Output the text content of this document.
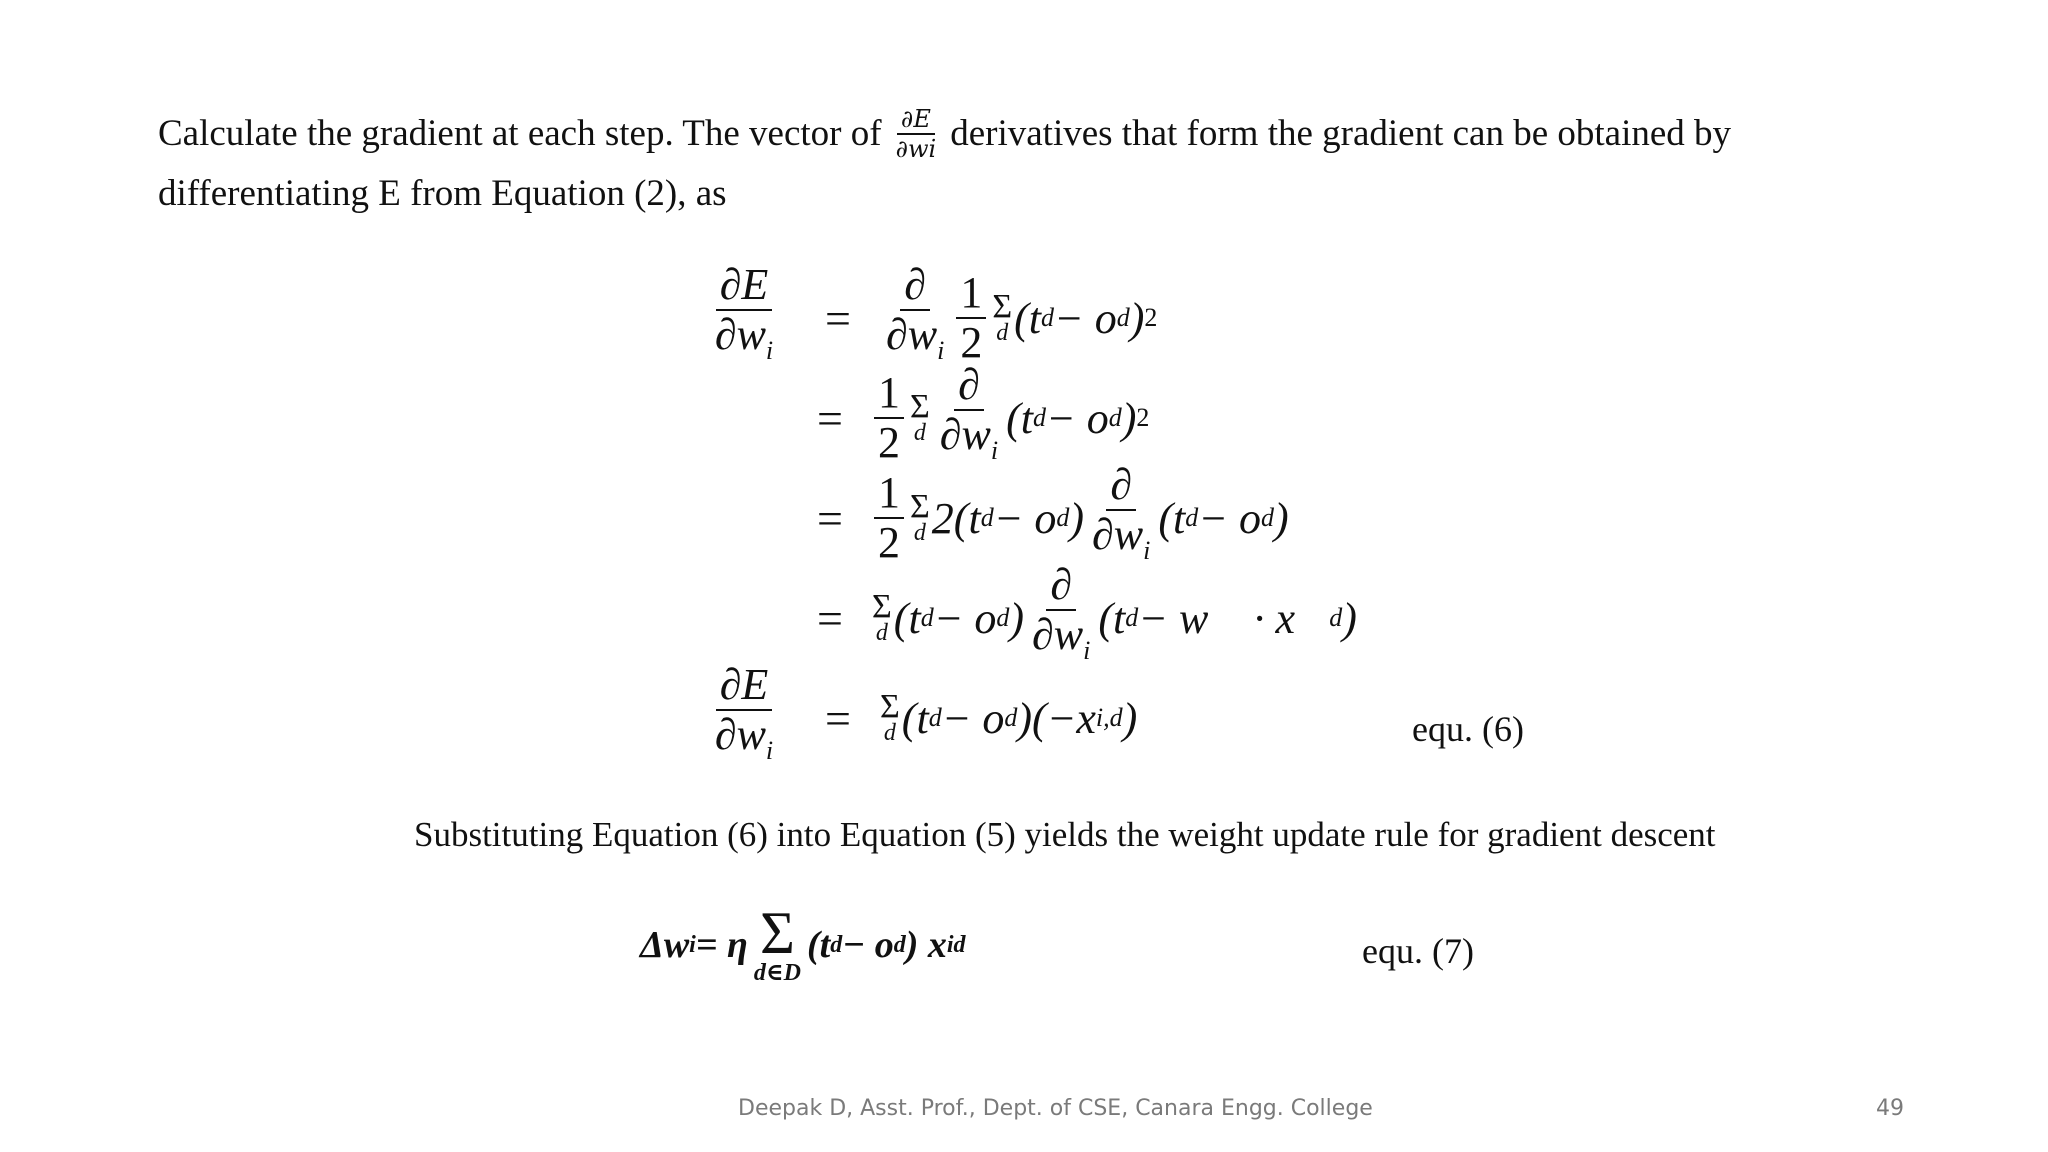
Calculate the gradient at each step. The vector of $\frac{\partial E}{\partial wi}$ derivatives that form the gradient can be obtained by
differentiating E from Equation (2), as
$\frac{\partial E}{\partial w_i} = \frac{\partial}{\partial w_i} \frac{1}{2}$ Σ
d (t d − o d ) 2
= $\frac{1}{2}$ Σ
d $\frac{\partial}{\partial w_i} (t$ d − o d ) 2
= $\frac{1}{2}$ Σ
d 2(t d − o d ) $\frac{\partial}{\partial w_i} (t$ d − o d )
= Σ
d (t d − o d ) $\frac{\partial}{\partial w_i} (t$ d − w⃗ · x⃗ d )
$\frac{\partial E}{\partial w_i} = \Sigma$
d (t d − o d )(−x i,d )	equ. (6)
Substituting Equation (6) into Equation (5) yields the weight update rule for gradient descent
Δw i = η Σ
d∈D
(t d − o d ) x id	equ. (7)
Deepak D, Asst. Prof., Dept. of CSE, Canara Engg. College	49
